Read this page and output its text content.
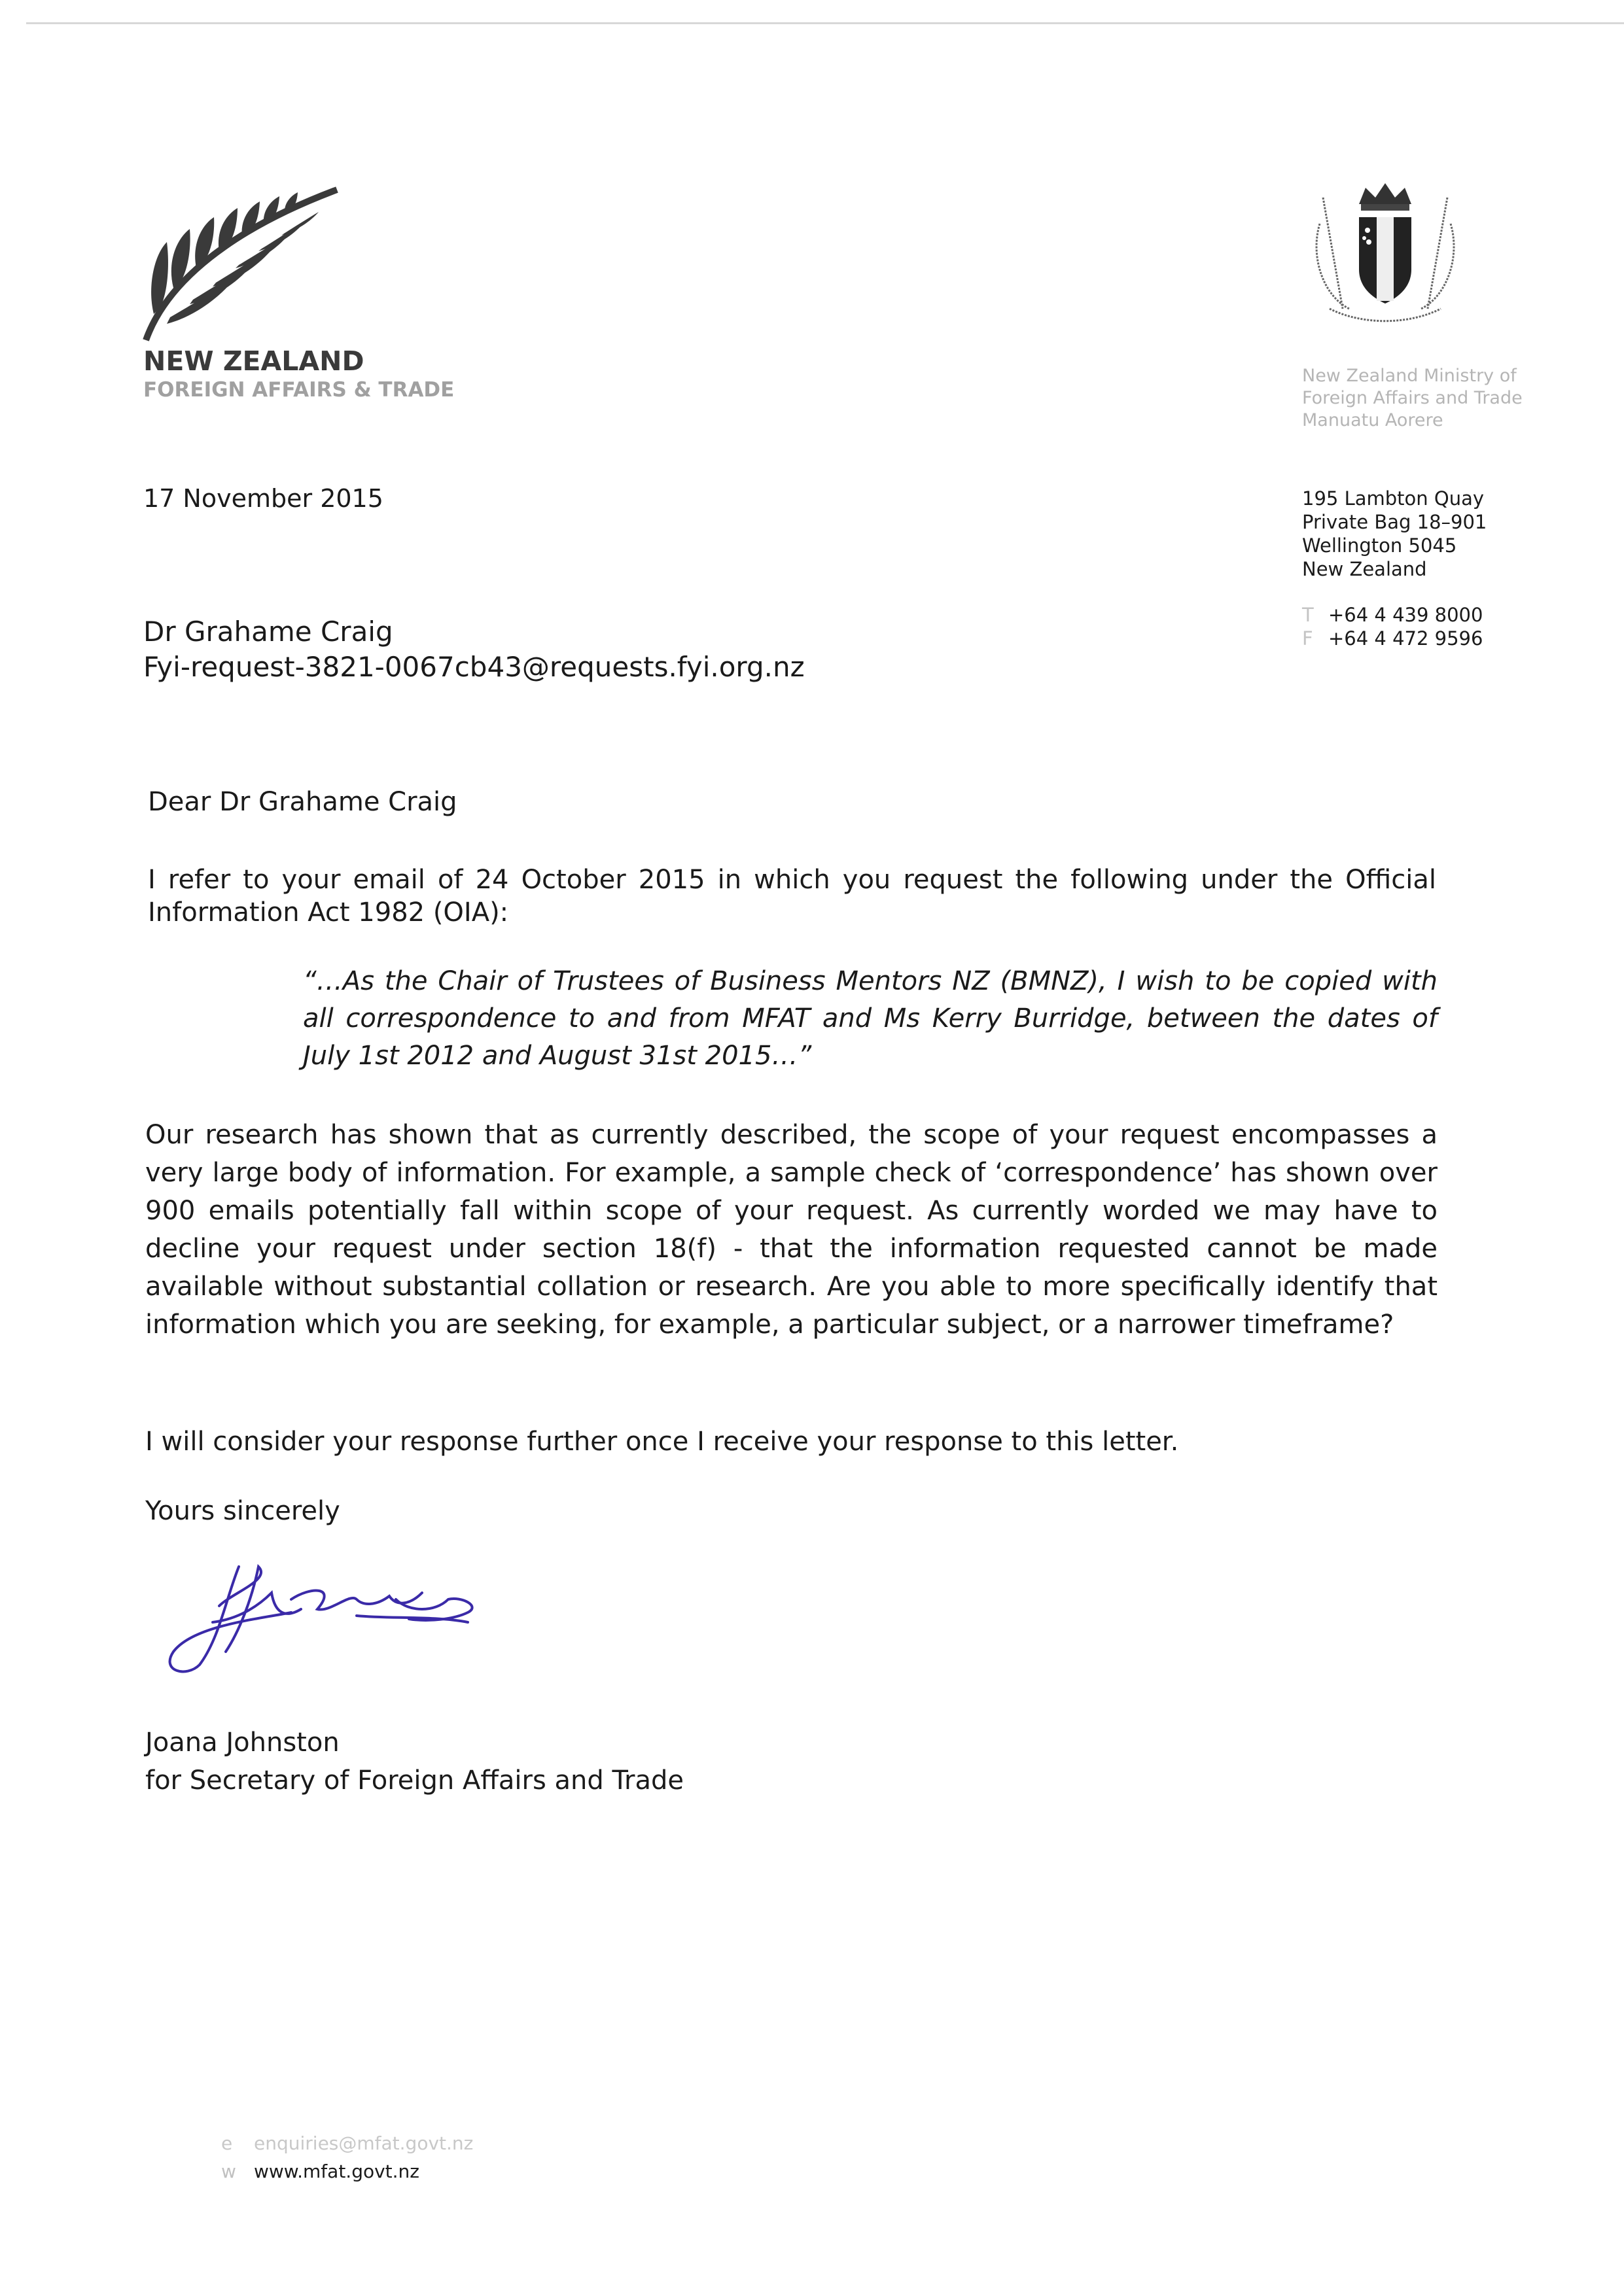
NEW ZEALAND
FOREIGN AFFAIRS & TRADE
New Zealand Ministry of
Foreign Affairs and Trade
Manuatu Aorere
195 Lambton Quay
Private Bag 18–901
Wellington 5045
New Zealand
T +64 4 439 8000
F +64 4 472 9596
17 November 2015
Dr Grahame Craig
Fyi-request-3821-0067cb43@requests.fyi.org.nz
Dear Dr Grahame Craig
I refer to your email of 24 October 2015 in which you request the following under the Official Information Act 1982 (OIA):
“…As the Chair of Trustees of Business Mentors NZ (BMNZ), I wish to be copied with all correspondence to and from MFAT and Ms Kerry Burridge, between the dates of July 1st 2012 and August 31st 2015…”
Our research has shown that as currently described, the scope of your request encompasses a very large body of information. For example, a sample check of ‘correspondence’ has shown over 900 emails potentially fall within scope of your request. As currently worded we may have to decline your request under section 18(f) - that the information requested cannot be made available without substantial collation or research. Are you able to more specifically identify that information which you are seeking, for example, a particular subject, or a narrower timeframe?
I will consider your response further once I receive your response to this letter.
Yours sincerely
Joana Johnston
for Secretary of Foreign Affairs and Trade
e enquiries@mfat.govt.nz
w www.mfat.govt.nz
